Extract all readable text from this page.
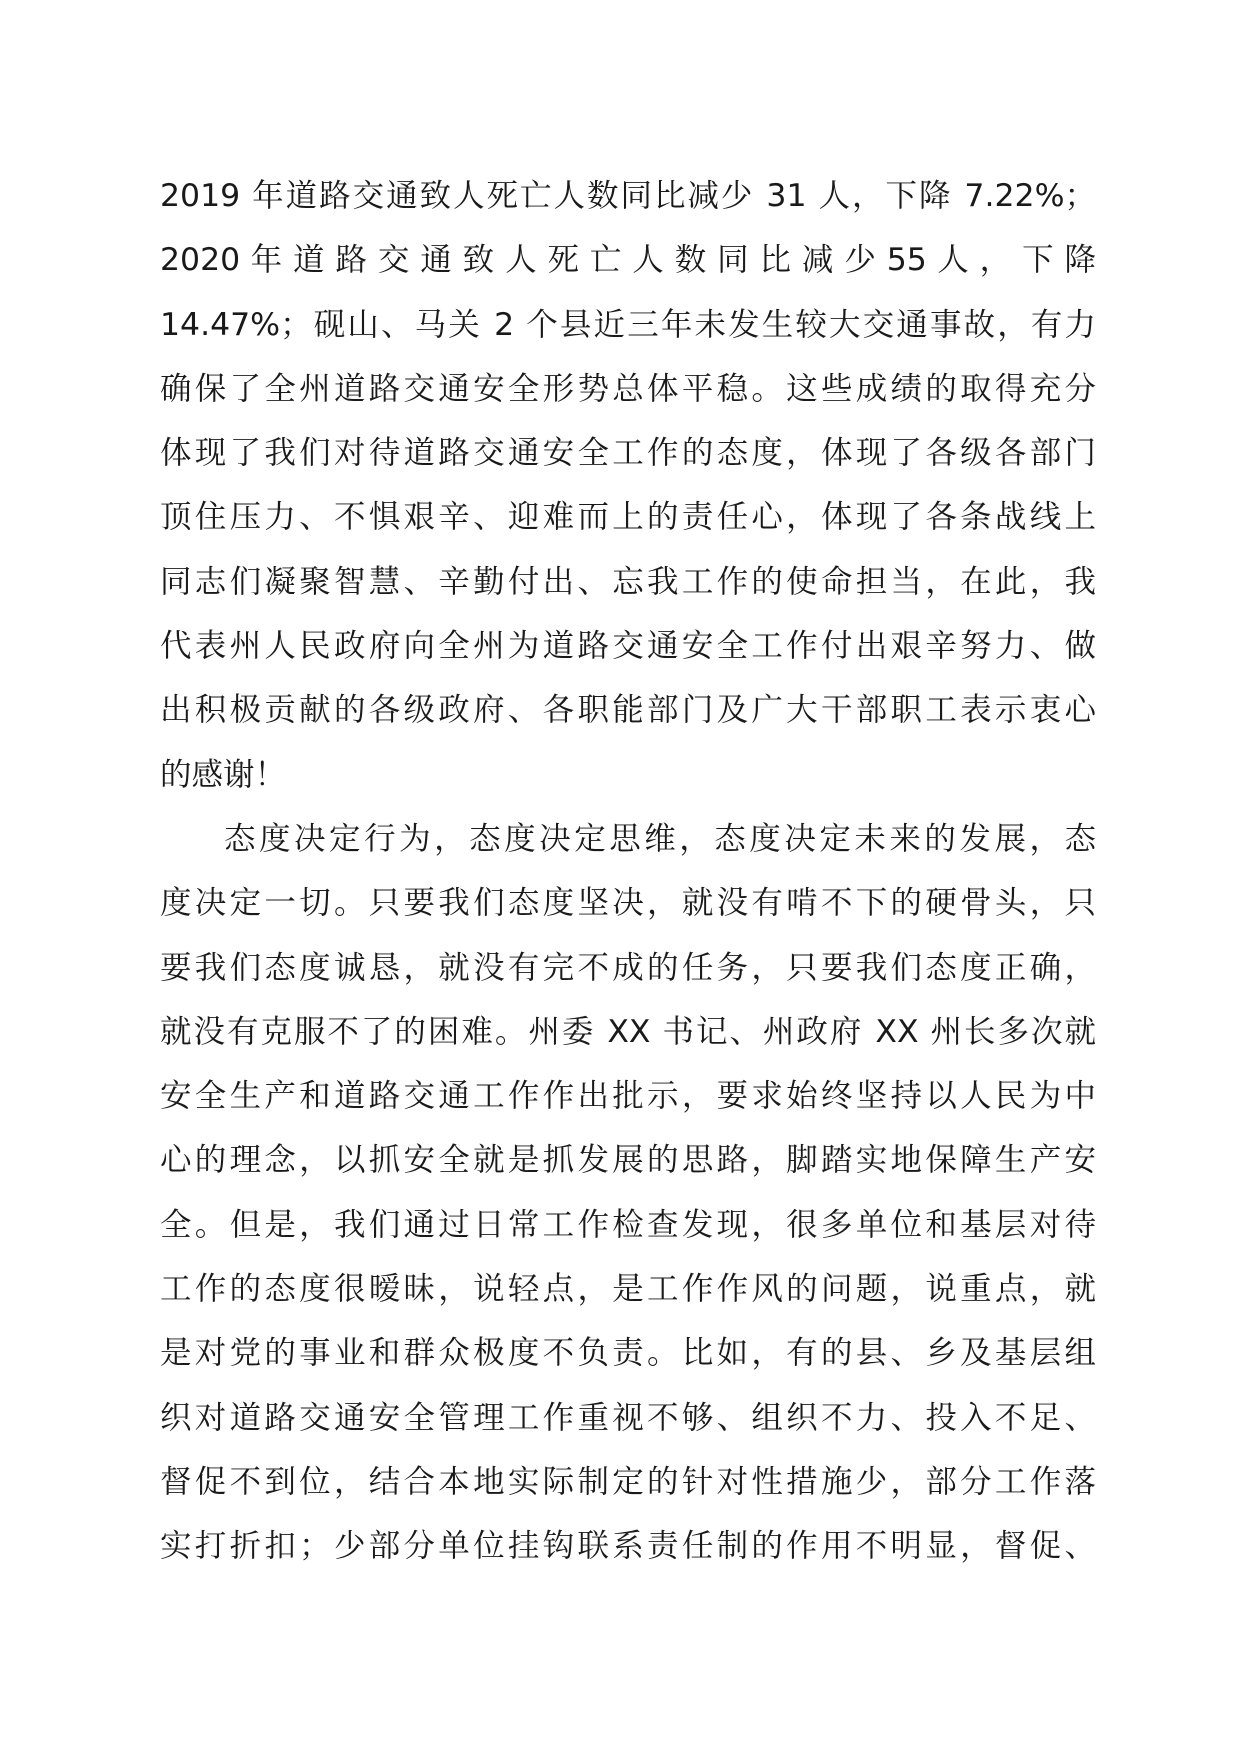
2019 年道路交通致人死亡人数同比减少 31 人，下降 7.22%；
2020 年 道 路 交 通 致 人 死 亡 人 数 同 比 减 少 55 人 ， 下 降
14.47%；砚山、马关 2 个县近三年未发生较大交通事故，有力
确保了全州道路交通安全形势总体平稳。这些成绩的取得充分
体现了我们对待道路交通安全工作的态度，体现了各级各部门
顶住压力、不惧艰辛、迎难而上的责任心，体现了各条战线上
同志们凝聚智慧、辛勤付出、忘我工作的使命担当，在此，我
代表州人民政府向全州为道路交通安全工作付出艰辛努力、做
出积极贡献的各级政府、各职能部门及广大干部职工表示衷心
的感谢！
态度决定行为，态度决定思维，态度决定未来的发展，态
度决定一切。只要我们态度坚决，就没有啃不下的硬骨头，只
要我们态度诚恳，就没有完不成的任务，只要我们态度正确，
就没有克服不了的困难。州委 XX 书记、州政府 XX 州长多次就
安全生产和道路交通工作作出批示，要求始终坚持以人民为中
心的理念，以抓安全就是抓发展的思路，脚踏实地保障生产安
全。但是，我们通过日常工作检查发现，很多单位和基层对待
工作的态度很暧昧，说轻点，是工作作风的问题，说重点，就
是对党的事业和群众极度不负责。比如，有的县、乡及基层组
织对道路交通安全管理工作重视不够、组织不力、投入不足、
督促不到位，结合本地实际制定的针对性措施少，部分工作落
实打折扣；少部分单位挂钩联系责任制的作用不明显，督促、
